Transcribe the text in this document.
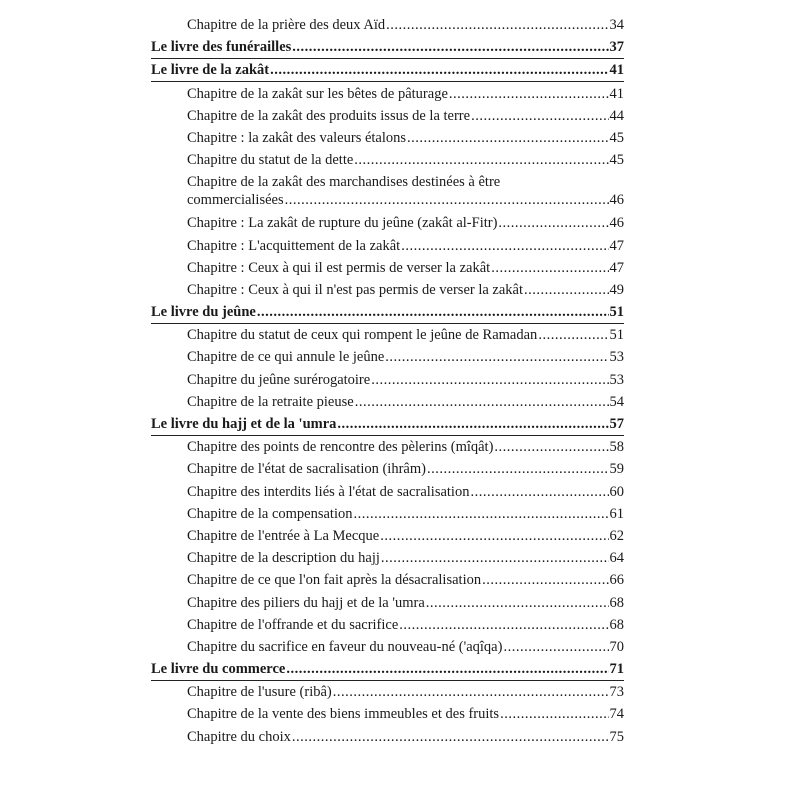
Chapitre de la prière des deux Aïd .....	34
Le livre des funérailles .....	37
Le livre de la zakât .....	41
Chapitre de la zakât sur les bêtes de pâturage .....	41
Chapitre de la zakât des produits issus de la terre .....	44
Chapitre : la zakât des valeurs étalons .....	45
Chapitre du statut de la dette .....	45
Chapitre de la zakât des marchandises destinées à être
commercialisées .....	46
Chapitre : La zakât de rupture du jeûne (zakât al-Fitr) .....	46
Chapitre : L'acquittement de la zakât .....	47
Chapitre : Ceux à qui il est permis de verser la zakât .....	47
Chapitre : Ceux à qui il n'est pas permis de verser la zakât .....	49
Le livre du jeûne .....	51
Chapitre du statut de ceux qui rompent le jeûne de Ramadan .....	51
Chapitre de ce qui annule le jeûne .....	53
Chapitre du jeûne surérogatoire .....	53
Chapitre de la retraite pieuse .....	54
Le livre du hajj et de la 'umra .....	57
Chapitre des points de rencontre des pèlerins (mîqât) .....	58
Chapitre de l'état de sacralisation (ihrâm) .....	59
Chapitre des interdits liés à l'état de sacralisation .....	60
Chapitre de la compensation .....	61
Chapitre de l'entrée à La Mecque .....	62
Chapitre de la description du hajj .....	64
Chapitre de ce que l'on fait après la désacralisation .....	66
Chapitre des piliers du hajj et de la 'umra .....	68
Chapitre de l'offrande et du sacrifice .....	68
Chapitre du sacrifice en faveur du nouveau-né ('aqîqa) .....	70
Le livre du commerce .....	71
Chapitre de l'usure (ribâ) .....	73
Chapitre de la vente des biens immeubles et des fruits .....	74
Chapitre du choix .....	75
